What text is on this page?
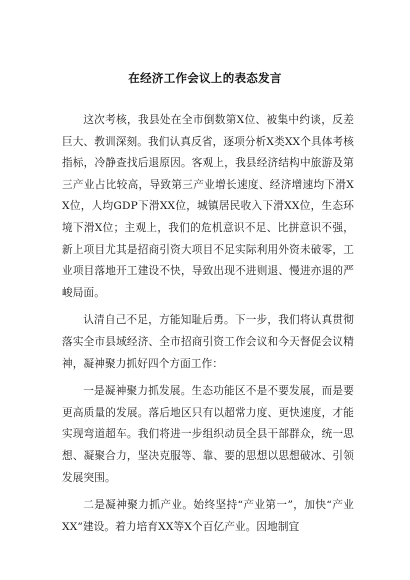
在经济工作会议上的表态发言

这次考核，我县处在全市倒数第X位、被集中约谈，反差巨大、教训深刻。我们认真反省，逐项分析X类XX个具体考核指标，冷静查找后退原因。客观上，我县经济结构中旅游及第三产业占比较高，导致第三产业增长速度、经济增速均下滑XX位，人均GDP下滑XX位，城镇居民收入下滑XX位，生态环境下滑X位；主观上，我们的危机意识不足、比拼意识不强，新上项目尤其是招商引资大项目不足实际利用外资未破零，工业项目落地开工建设不快，导致出现不进则退、慢进亦退的严峻局面。

认清自己不足，方能知耻后勇。下一步，我们将认真贯彻落实全市县域经济、全市招商引资工作会议和今天督促会议精神，凝神聚力抓好四个方面工作：

一是凝神聚力抓发展。生态功能区不是不要发展，而是要更高质量的发展。落后地区只有以超常力度、更快速度，才能实现弯道超车。我们将进一步组织动员全县干部群众，统一思想、凝聚合力，坚决克服等、靠、要的思想以思想破冰、引领发展突围。

二是凝神聚力抓产业。始终坚持“产业第一”，加快“产业XX”建设。着力培育XX等X个百亿产业。因地制宜
